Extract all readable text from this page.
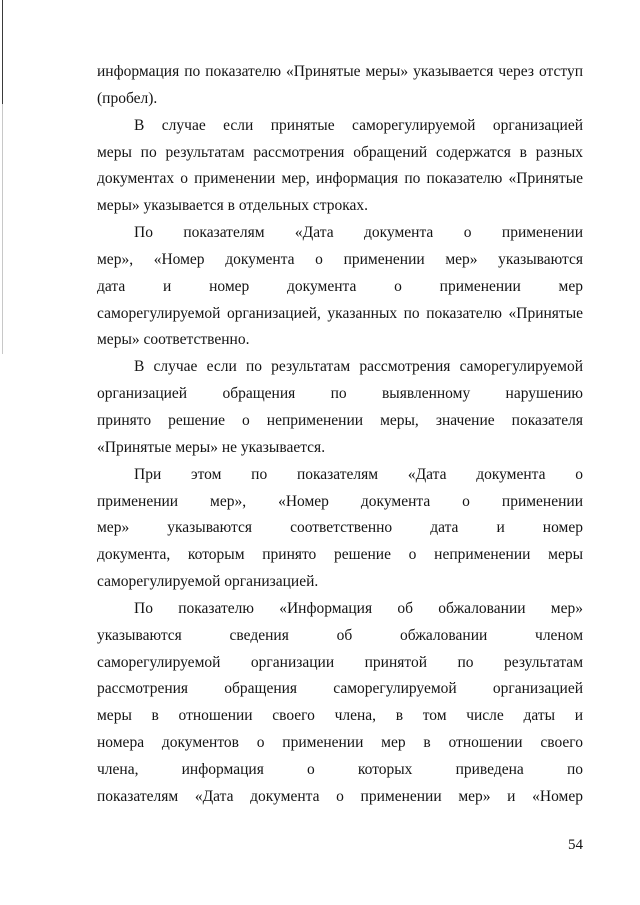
информация по показателю «Принятые меры» указывается через отступ
(пробел).
В случае если принятые саморегулируемой организацией
меры по результатам рассмотрения обращений содержатся в разных
документах о применении мер, информация по показателю «Принятые
меры» указывается в отдельных строках.
По показателям «Дата документа о применении
мер», «Номер документа о применении мер» указываются
дата и номер документа о применении мер
саморегулируемой организацией, указанных по показателю «Принятые
меры» соответственно.
В случае если по результатам рассмотрения саморегулируемой
организацией обращения по выявленному нарушению
принято решение о неприменении меры, значение показателя
«Принятые меры» не указывается.
При этом по показателям «Дата документа о
применении мер», «Номер документа о применении
мер» указываются соответственно дата и номер
документа, которым принято решение о неприменении меры
саморегулируемой организацией.
По показателю «Информация об обжаловании мер»
указываются сведения об обжаловании членом
саморегулируемой организации принятой по результатам
рассмотрения обращения саморегулируемой организацией
меры в отношении своего члена, в том числе даты и
номера документов о применении мер в отношении своего
члена, информация о которых приведена по
показателям «Дата документа о применении мер» и «Номер
54
